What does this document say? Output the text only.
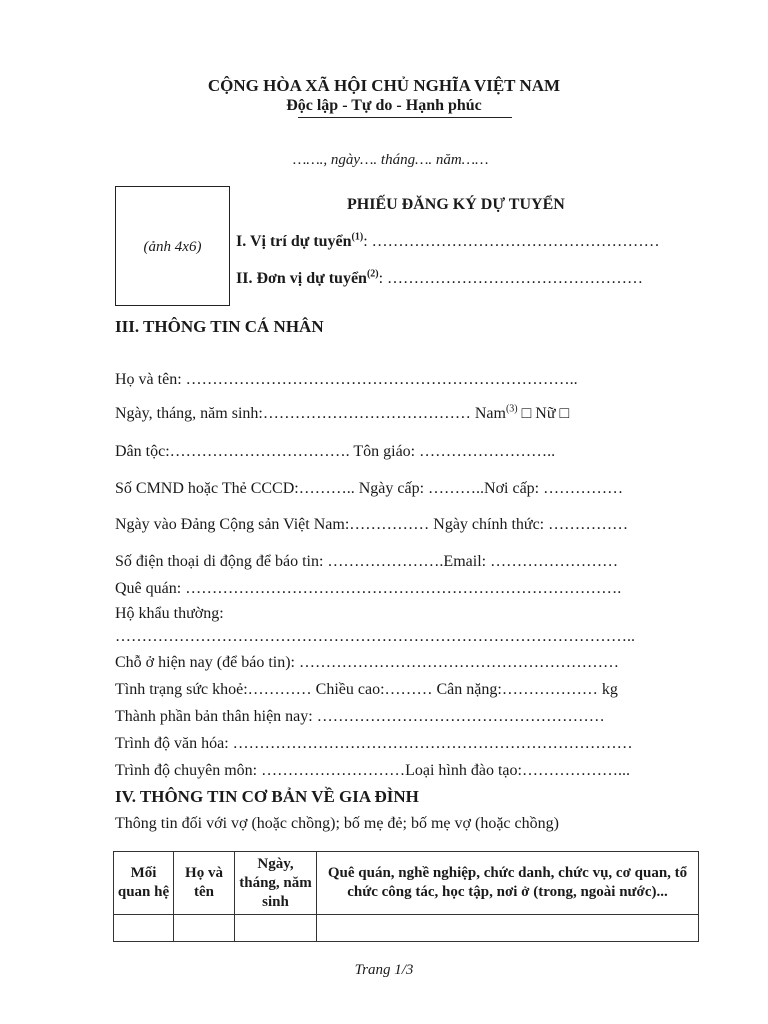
CỘNG HÒA XÃ HỘI CHỦ NGHĨA VIỆT NAM
Độc lập - Tự do - Hạnh phúc
……., ngày…. tháng…. năm……
(ảnh 4x6)
PHIẾU ĐĂNG KÝ DỰ TUYỂN
I. Vị trí dự tuyển$^{(1)}$: ………………………………………………
II. Đơn vị dự tuyển$^{(2)}$: …………………………………………
III. THÔNG TIN CÁ NHÂN
Họ và tên: ………………………………………………………………..
Ngày, tháng, năm sinh:………………………………… Nam$^{(3)}$ □ Nữ □
Dân tộc:……………………………. Tôn giáo: ……………………..
Số CMND hoặc Thẻ CCCD:……….. Ngày cấp: ………..Nơi cấp: ……………
Ngày vào Đảng Cộng sản Việt Nam:…………… Ngày chính thức: ……………
Số điện thoại di động để báo tin: ………………….Email: ……………………
Quê quán: ……………………………………………………………………….
Hộ khẩu thường:
……………………………………………………………………………………..
Chỗ ở hiện nay (để báo tin): ……………………………………………………
Tình trạng sức khoẻ:………… Chiều cao:……… Cân nặng:……………… kg
Thành phần bản thân hiện nay: ………………………………………………
Trình độ văn hóa: …………………………………………………………………
Trình độ chuyên môn: ………………………Loại hình đào tạo:………………...
IV. THÔNG TIN CƠ BẢN VỀ GIA ĐÌNH
Thông tin đối với vợ (hoặc chồng); bố mẹ đẻ; bố mẹ vợ (hoặc chồng)
Mối quan hệ	Họ và tên	Ngày, tháng, năm sinh	Quê quán, nghề nghiệp, chức danh, chức vụ, cơ quan, tổ chức công tác, học tập, nơi ở (trong, ngoài nước)...

Trang 1/3
